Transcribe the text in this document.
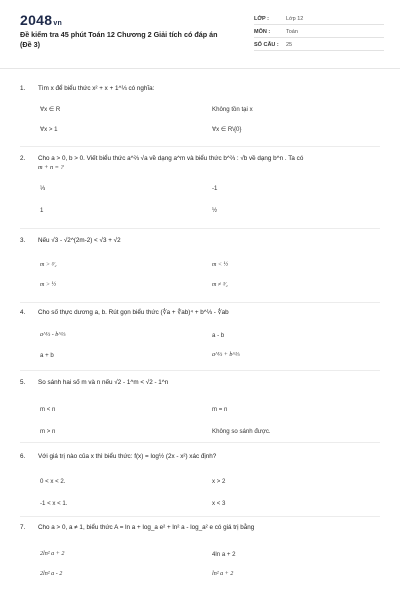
2048vn
Đề kiểm tra 45 phút Toán 12 Chương 2 Giải tích có đáp án (Đề 3)
LỚP :	Lớp 12
MÔN :	Toán
SỐ CÂU :	25
1. Tìm x để biểu thức x² + x + 1^⅓ có nghĩa:
∀x ∈ R	Không tồn tại x
∀x > 1	∀x ∈ R\{0}
2. Cho a > 0, b > 0. Viết biểu thức a^⅔ √a về dạng a^m và biểu thức b^⅔ : √b về dạng b^n . Ta có
m + n = ?
⅓	-1
1	½
3. Nếu √3 - √2^(2m-2) < √3 + √2
m > ³⁄₂	m < ½
m > ½	m ≠ ³⁄₂
4. Cho số thực dương a, b. Rút gọn biểu thức (∜a + ∜ab)⁴ + b^⅓ - ∜ab
a^⅓ - b^⅓	a - b
a + b	a^⅓ + b^⅓
5. So sánh hai số m và n nếu √2 - 1^m < √2 - 1^n
m < n	m = n
m > n	Không so sánh được.
6. Với giá trị nào của x thì biểu thức: f(x) = log½ (2x - x²) xác định?
0 < x < 2.	x > 2
-1 < x < 1.	x < 3
7. Cho a > 0, a ≠ 1, biểu thức A = ln a + log_a e² + ln² a - log_a² e có giá trị bằng
2ln² a + 2	4ln a + 2
2ln² a - 2	ln² a + 2
